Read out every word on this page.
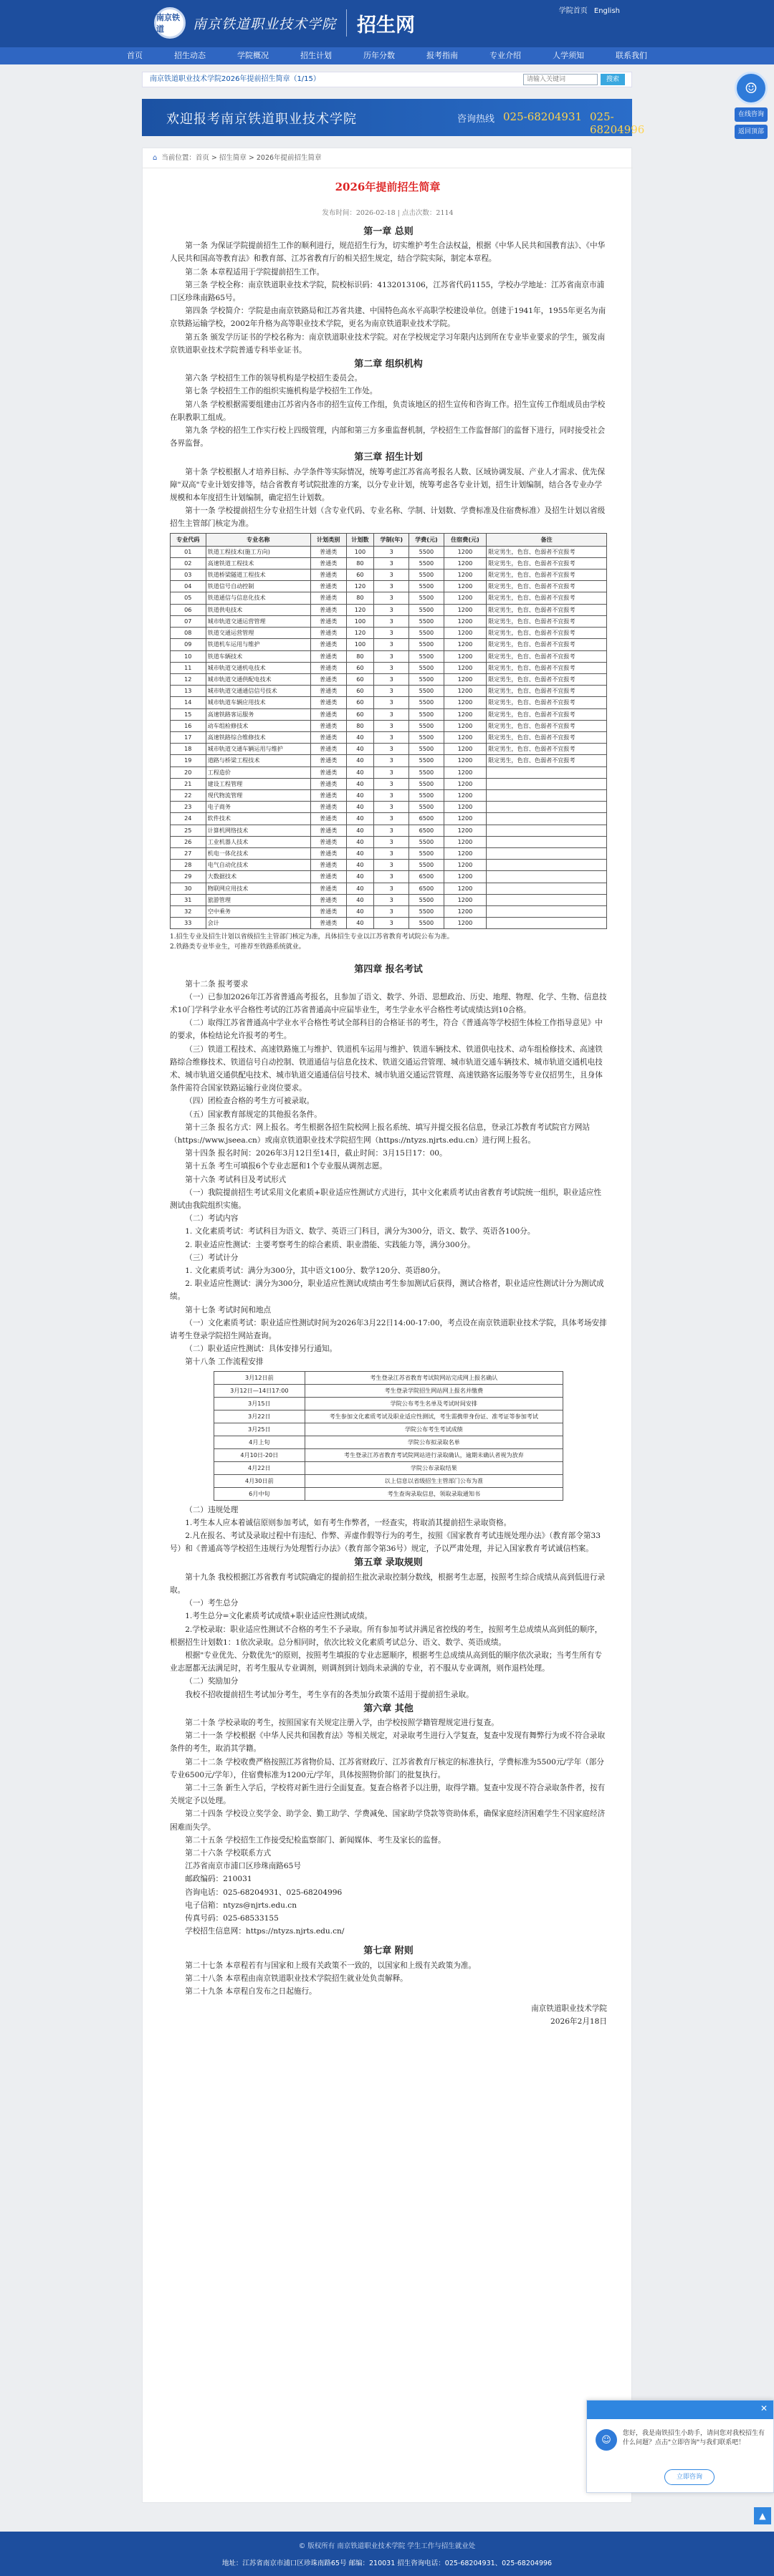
南京铁道	南京铁道职业技术学院 招生网
学院首页 English
首页	招生动态	学院概况	招生计划	历年分数	报考指南	专业介绍	人学须知	联系我们
南京铁道职业技术学院2026年提前招生简章（1/15）
请输入关键词	搜索
欢迎报考南京铁道职业技术学院	咨询热线 025-68204931 025-68204996
☺
在线咨询
返回顶部
⌂ 当前位置：首页 > 招生简章 > 2026年提前招生简章
2026年提前招生简章
发布时间：2026-02-18 | 点击次数：2114
第一章 总则

第一条 为保证学院提前招生工作的顺利进行，规范招生行为，切实维护考生合法权益，根据《中华人民共和国教育法》、《中华人民共和国高等教育法》和教育部、江苏省教育厅的相关招生规定，结合学院实际，制定本章程。

第二条 本章程适用于学院提前招生工作。

第三条 学校全称：南京铁道职业技术学院，院校标识码：4132013106，江苏省代码1155，学校办学地址：江苏省南京市浦口区珍珠南路65号。

第四条 学校简介：学院是由南京铁路局和江苏省共建、中国特色高水平高职学校建设单位。创建于1941年，1955年更名为南京铁路运输学校，2002年升格为高等职业技术学院，更名为南京铁道职业技术学院。

第五条 颁发学历证书的学校名称为：南京铁道职业技术学院。对在学校规定学习年限内达到所在专业毕业要求的学生，颁发南京铁道职业技术学院普通专科毕业证书。

第二章 组织机构

第六条 学校招生工作的领导机构是学校招生委员会。

第七条 学校招生工作的组织实施机构是学校招生工作处。

第八条 学校根据需要组建由江苏省内各市的招生宣传工作组，负责该地区的招生宣传和咨询工作。招生宣传工作组成员由学校在职教职工组成。

第九条 学校的招生工作实行校上四级管理，内部和第三方多重监督机制，学校招生工作监督部门的监督下进行，同时接受社会各界监督。

第三章 招生计划

第十条 学校根据人才培养目标、办学条件等实际情况，统筹考虑江苏省高考报名人数、区域协调发展、产业人才需求、优先保障"双高"专业计划安排等，结合省教育考试院批准的方案，以分专业计划，统筹考虑各专业计划，招生计划编制，结合各专业办学规模和本年度招生计划编制，确定招生计划数。

第十一条 学校提前招生分专业招生计划（含专业代码、专业名称、学制、计划数、学费标准及住宿费标准）及招生计划以省级招生主管部门核定为准。

专业代码	专业名称	计划类别	计划数	学制(年)	学费(元)	住宿费(元)	备注
01	铁道工程技术(施工方向)	普通类	100	3	5500	1200	限定男生，色盲、色弱者不宜报考
02	高速铁道工程技术	普通类	80	3	5500	1200	限定男生，色盲、色弱者不宜报考
03	铁道桥梁隧道工程技术	普通类	60	3	5500	1200	限定男生，色盲、色弱者不宜报考
04	铁道信号自动控制	普通类	120	3	5500	1200	限定男生，色盲、色弱者不宜报考
05	铁道通信与信息化技术	普通类	80	3	5500	1200	限定男生，色盲、色弱者不宜报考
06	铁道供电技术	普通类	120	3	5500	1200	限定男生，色盲、色弱者不宜报考
07	城市轨道交通运营管理	普通类	100	3	5500	1200	限定男生，色盲、色弱者不宜报考
08	铁道交通运营管理	普通类	120	3	5500	1200	限定男生，色盲、色弱者不宜报考
09	铁道机车运用与维护	普通类	100	3	5500	1200	限定男生，色盲、色弱者不宜报考
10	铁道车辆技术	普通类	80	3	5500	1200	限定男生，色盲、色弱者不宜报考
11	城市轨道交通机电技术	普通类	60	3	5500	1200	限定男生，色盲、色弱者不宜报考
12	城市轨道交通供配电技术	普通类	60	3	5500	1200	限定男生，色盲、色弱者不宜报考
13	城市轨道交通通信信号技术	普通类	60	3	5500	1200	限定男生，色盲、色弱者不宜报考
14	城市轨道车辆应用技术	普通类	60	3	5500	1200	限定男生，色盲、色弱者不宜报考
15	高速铁路客运服务	普通类	60	3	5500	1200	限定男生，色盲、色弱者不宜报考
16	动车组检修技术	普通类	80	3	5500	1200	限定男生，色盲、色弱者不宜报考
17	高速铁路综合维修技术	普通类	40	3	5500	1200	限定男生，色盲、色弱者不宜报考
18	城市轨道交通车辆运用与维护	普通类	40	3	5500	1200	限定男生，色盲、色弱者不宜报考
19	道路与桥梁工程技术	普通类	40	3	5500	1200	限定男生，色盲、色弱者不宜报考
20	工程造价	普通类	40	3	5500	1200	
21	建设工程管理	普通类	40	3	5500	1200	
22	现代物流管理	普通类	40	3	5500	1200	
23	电子商务	普通类	40	3	5500	1200	
24	软件技术	普通类	40	3	6500	1200	
25	计算机网络技术	普通类	40	3	6500	1200	
26	工业机器人技术	普通类	40	3	5500	1200	
27	机电一体化技术	普通类	40	3	5500	1200	
28	电气自动化技术	普通类	40	3	5500	1200	
29	大数据技术	普通类	40	3	6500	1200	
30	物联网应用技术	普通类	40	3	6500	1200	
31	旅游管理	普通类	40	3	5500	1200	
32	空中乘务	普通类	40	3	5500	1200	
33	会计	普通类	40	3	5500	1200	

1.招生专业及招生计划以省级招生主管部门核定为准，具体招生专业以江苏省教育考试院公布为准。

2.铁路类专业毕业生，可推荐至铁路系统就业。

第四章 报名考试

第十二条 报考要求

（一）已参加2026年江苏省普通高考报名，且参加了语文、数学、外语、思想政治、历史、地理、物理、化学、生物、信息技术10门学科学业水平合格性考试的江苏省普通高中应届毕业生，考生学业水平合格性考试成绩达到10合格。

（二）取得江苏省普通高中学业水平合格性考试全部科目的合格证书的考生，符合《普通高等学校招生体检工作指导意见》中的要求，体检结论允许报考的考生。

（三）铁道工程技术、高速铁路施工与维护、铁道机车运用与维护、铁道车辆技术、铁道供电技术、动车组检修技术、高速铁路综合维修技术、铁道信号自动控制、铁道通信与信息化技术、铁道交通运营管理、城市轨道交通车辆技术、城市轨道交通机电技术、城市轨道交通供配电技术、城市轨道交通通信信号技术、城市轨道交通运营管理、高速铁路客运服务等专业仅招男生，且身体条件需符合国家铁路运输行业岗位要求。

（四）团检查合格的考生方可被录取。

（五）国家教育部规定的其他报名条件。

第十三条 报名方式：网上报名。考生根据各招生院校网上报名系统、填写并提交报名信息，登录江苏教育考试院官方网站（https://www.jseea.cn）或南京铁道职业技术学院招生网（https://ntyzs.njrts.edu.cn）进行网上报名。

第十四条 报名时间：2026年3月12日至14日，截止时间：3月15日17：00。

第十五条 考生可填报6个专业志愿和1个专业服从调剂志愿。

第十六条 考试科目及考试形式

（一）我院提前招生考试采用文化素质+职业适应性测试方式进行，其中文化素质考试由省教育考试院统一组织，职业适应性测试由我院组织实施。

（二）考试内容

1. 文化素质考试：考试科目为语文、数学、英语三门科目，满分为300分，语文、数学、英语各100分。

2. 职业适应性测试：主要考察考生的综合素质、职业潜能、实践能力等，满分300分。

（三）考试计分

1. 文化素质考试：满分为300分，其中语文100分、数学120分、英语80分。

2. 职业适应性测试：满分为300分，职业适应性测试成绩由考生参加测试后获得，测试合格者，职业适应性测试计分为测试成绩。

第十七条 考试时间和地点

（一）文化素质考试：职业适应性测试时间为2026年3月22日14:00-17:00，考点设在南京铁道职业技术学院，具体考场安排请考生登录学院招生网站查询。

（二）职业适应性测试：具体安排另行通知。

第十八条 工作流程安排

3月12日前	考生登录江苏省教育考试院网站完成网上报名确认
3月12日—14日17:00	考生登录学院招生网站网上报名并缴费
3月15日	学院公布考生名单及考试时间安排
3月22日	考生参加文化素质考试及职业适应性测试，考生需携带身份证、准考证等参加考试
3月25日	学院公布考生考试成绩
4月上旬	学院公布拟录取名单
4月10日-20日	考生登录江苏省教育考试院网站进行录取确认，逾期未确认者视为放弃
4月22日	学院公布录取结果
4月30日前	以上信息以省级招生主管部门公布为准
6月中旬	考生查询录取信息，领取录取通知书

（二）违规处理

1.考生本人应本着诚信原则参加考试，如有考生作弊者，一经查实，将取消其提前招生录取资格。

2.凡在报名、考试及录取过程中有违纪、作弊、弄虚作假等行为的考生，按照《国家教育考试违规处理办法》（教育部令第33号）和《普通高等学校招生违规行为处理暂行办法》（教育部令第36号）规定，予以严肃处理，并记入国家教育考试诚信档案。

第五章 录取规则

第十九条 我校根据江苏省教育考试院确定的提前招生批次录取控制分数线，根据考生志愿，按照考生综合成绩从高到低进行录取。

（一）考生总分

1.考生总分=文化素质考试成绩+职业适应性测试成绩。

2.学校录取：职业适应性测试不合格的考生不予录取。所有参加考试并满足省控线的考生，按照考生总成绩从高到低的顺序，根据招生计划数1：1依次录取。总分相同时，依次比较文化素质考试总分、语文、数学、英语成绩。

根据"专业优先、分数优先"的原则，按照考生填报的专业志愿顺序，根据考生总成绩从高到低的顺序依次录取；当考生所有专业志愿都无法满足时，若考生服从专业调剂，则调剂到计划尚未录满的专业，若不服从专业调剂，则作退档处理。

（二）奖励加分

我校不招收提前招生考试加分考生，考生享有的各类加分政策不适用于提前招生录取。

第六章 其他

第二十条 学校录取的考生，按照国家有关规定注册入学，由学校按照学籍管理规定进行复查。

第二十一条 学校根据《中华人民共和国教育法》等相关规定，对录取考生进行入学复查，复查中发现有舞弊行为或不符合录取条件的考生，取消其学籍。

第二十二条 学校收费严格按照江苏省物价局、江苏省财政厅、江苏省教育厅核定的标准执行，学费标准为5500元/学年（部分专业6500元/学年），住宿费标准为1200元/学年，具体按照物价部门的批复执行。

第二十三条 新生入学后，学校将对新生进行全面复查。复查合格者予以注册，取得学籍。复查中发现不符合录取条件者，按有关规定予以处理。

第二十四条 学校设立奖学金、助学金、勤工助学、学费减免、国家助学贷款等资助体系，确保家庭经济困难学生不因家庭经济困难而失学。

第二十五条 学校招生工作接受纪检监察部门、新闻媒体、考生及家长的监督。

第二十六条 学校联系方式

江苏省南京市浦口区珍珠南路65号

邮政编码：210031

咨询电话：025-68204931、025-68204996

电子信箱：ntyzs@njrts.edu.cn

传真号码：025-68533155

学校招生信息网：https://ntyzs.njrts.edu.cn/

第七章 附则

第二十七条 本章程若有与国家和上级有关政策不一致的，以国家和上级有关政策为准。

第二十八条 本章程由南京铁道职业技术学院招生就业处负责解释。

第二十九条 本章程自发布之日起施行。

南京铁道职业技术学院
2026年2月18日
✕
☺
您好，我是南铁招生小助手，请问您对我校招生有什么问题？点击"立即咨询"与我们联系吧！
立即咨询
▲
© 版权所有 南京铁道职业技术学院 学生工作与招生就业处
地址：江苏省南京市浦口区珍珠南路65号 邮编：210031 招生咨询电话：025-68204931、025-68204996
